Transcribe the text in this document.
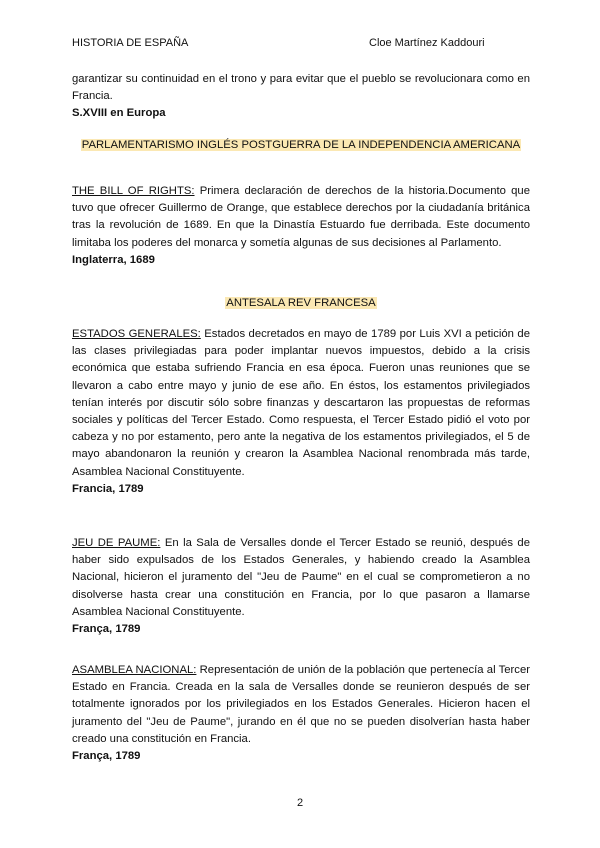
HISTORIA DE ESPAÑA	Cloe Martínez Kaddouri
garantizar su continuidad en el trono y para evitar que el pueblo se revolucionara como en Francia.

S.XVIII en Europa

PARLAMENTARISMO INGLÉS POSTGUERRA DE LA INDEPENDENCIA AMERICANA
THE BILL OF RIGHTS: Primera declaración de derechos de la historia.Documento que tuvo que ofrecer Guillermo de Orange, que establece derechos por la ciudadanía británica tras la revolución de 1689. En que la Dinastía Estuardo fue derribada. Este documento limitaba los poderes del monarca y sometía algunas de sus decisiones al Parlamento.

Inglaterra, 1689

ANTESALA REV FRANCESA
ESTADOS GENERALES: Estados decretados en mayo de 1789 por Luis XVI a petición de las clases privilegiadas para poder implantar nuevos impuestos, debido a la crisis económica que estaba sufriendo Francia en esa época. Fueron unas reuniones que se llevaron a cabo entre mayo y junio de ese año. En éstos, los estamentos privilegiados tenían interés por discutir sólo sobre finanzas y descartaron las propuestas de reformas sociales y políticas del Tercer Estado. Como respuesta, el Tercer Estado pidió el voto por cabeza y no por estamento, pero ante la negativa de los estamentos privilegiados, el 5 de mayo abandonaron la reunión y crearon la Asamblea Nacional renombrada más tarde, Asamblea Nacional Constituyente.

Francia, 1789

JEU DE PAUME: En la Sala de Versalles donde el Tercer Estado se reunió, después de haber sido expulsados de los Estados Generales, y habiendo creado la Asamblea Nacional, hicieron el juramento del "Jeu de Paume" en el cual se comprometieron a no disolverse hasta crear una constitución en Francia, por lo que pasaron a llamarse Asamblea Nacional Constituyente.

França, 1789

ASAMBLEA NACIONAL: Representación de unión de la población que pertenecía al Tercer Estado en Francia. Creada en la sala de Versalles donde se reunieron después de ser totalmente ignorados por los privilegiados en los Estados Generales. Hicieron hacen el juramento del "Jeu de Paume", jurando en él que no se pueden disolverían hasta haber creado una constitución en Francia.

França, 1789

2
